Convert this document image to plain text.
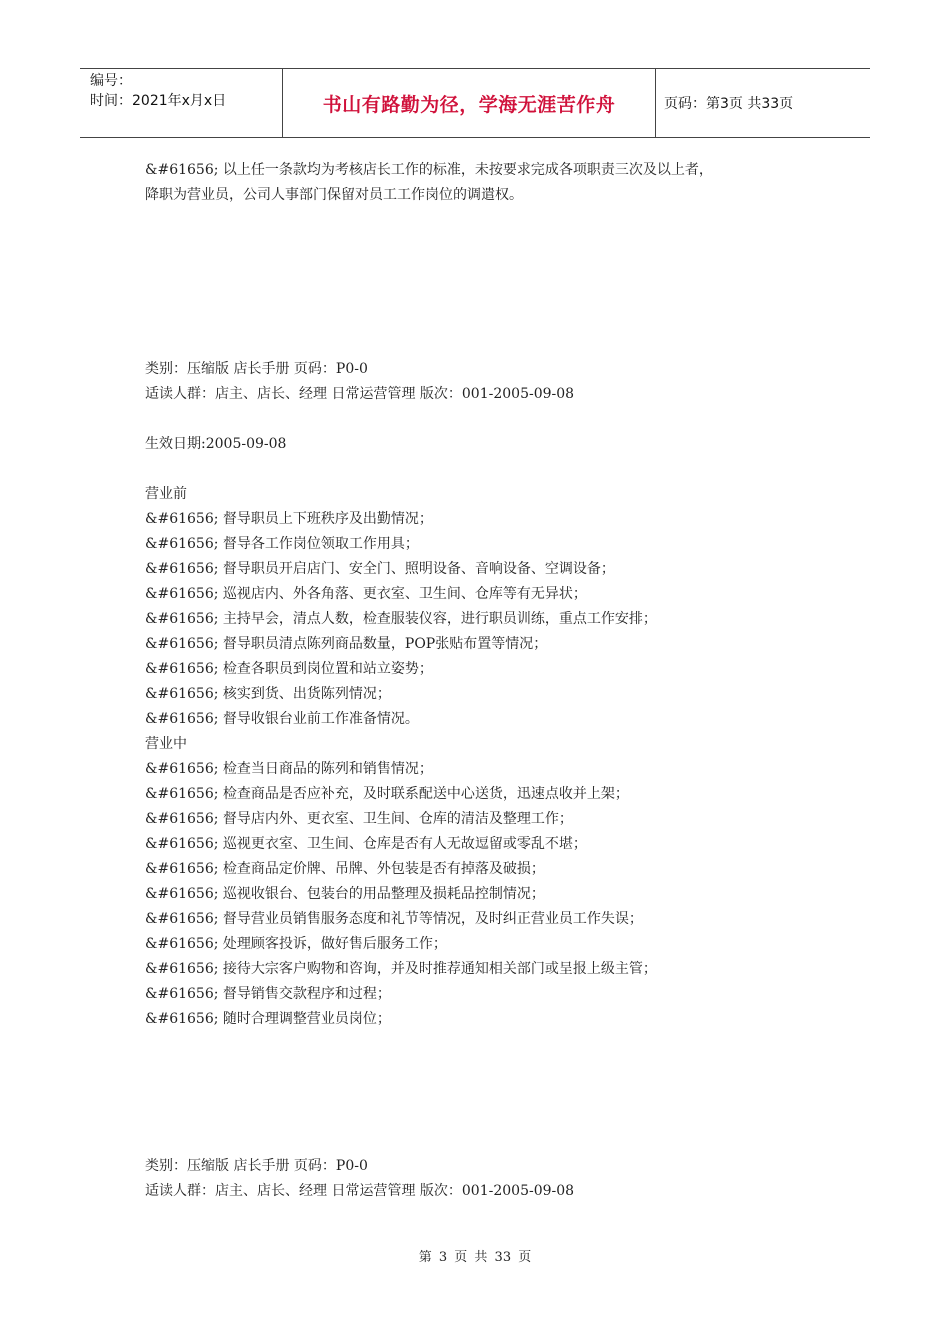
编号：
时间：2021年x月x日	书山有路勤为径，学海无涯苦作舟	页码：第3页 共33页
&#61656; 以上任一条款均为考核店长工作的标准，未按要求完成各项职责三次及以上者，
降职为营业员，公司人事部门保留对员工工作岗位的调遣权。
类别：压缩版 店长手册 页码：P0-0
适读人群：店主、店长、经理 日常运营管理 版次：001-2005-09-08
生效日期:2005-09-08
营业前
&#61656; 督导职员上下班秩序及出勤情况；
&#61656; 督导各工作岗位领取工作用具；
&#61656; 督导职员开启店门、安全门、照明设备、音响设备、空调设备；
&#61656; 巡视店内、外各角落、更衣室、卫生间、仓库等有无异状；
&#61656; 主持早会，清点人数，检查服装仪容，进行职员训练，重点工作安排；
&#61656; 督导职员清点陈列商品数量，POP张贴布置等情况；
&#61656; 检查各职员到岗位置和站立姿势；
&#61656; 核实到货、出货陈列情况；
&#61656; 督导收银台业前工作准备情况。
营业中
&#61656; 检查当日商品的陈列和销售情况；
&#61656; 检查商品是否应补充，及时联系配送中心送货，迅速点收并上架；
&#61656; 督导店内外、更衣室、卫生间、仓库的清洁及整理工作；
&#61656; 巡视更衣室、卫生间、仓库是否有人无故逗留或零乱不堪；
&#61656; 检查商品定价牌、吊牌、外包装是否有掉落及破损；
&#61656; 巡视收银台、包装台的用品整理及损耗品控制情况；
&#61656; 督导营业员销售服务态度和礼节等情况，及时纠正营业员工作失误；
&#61656; 处理顾客投诉，做好售后服务工作；
&#61656; 接待大宗客户购物和咨询，并及时推荐通知相关部门或呈报上级主管；
&#61656; 督导销售交款程序和过程；
&#61656; 随时合理调整营业员岗位；
类别：压缩版 店长手册 页码：P0-0
适读人群：店主、店长、经理 日常运营管理 版次：001-2005-09-08
第 3 页 共 33 页
